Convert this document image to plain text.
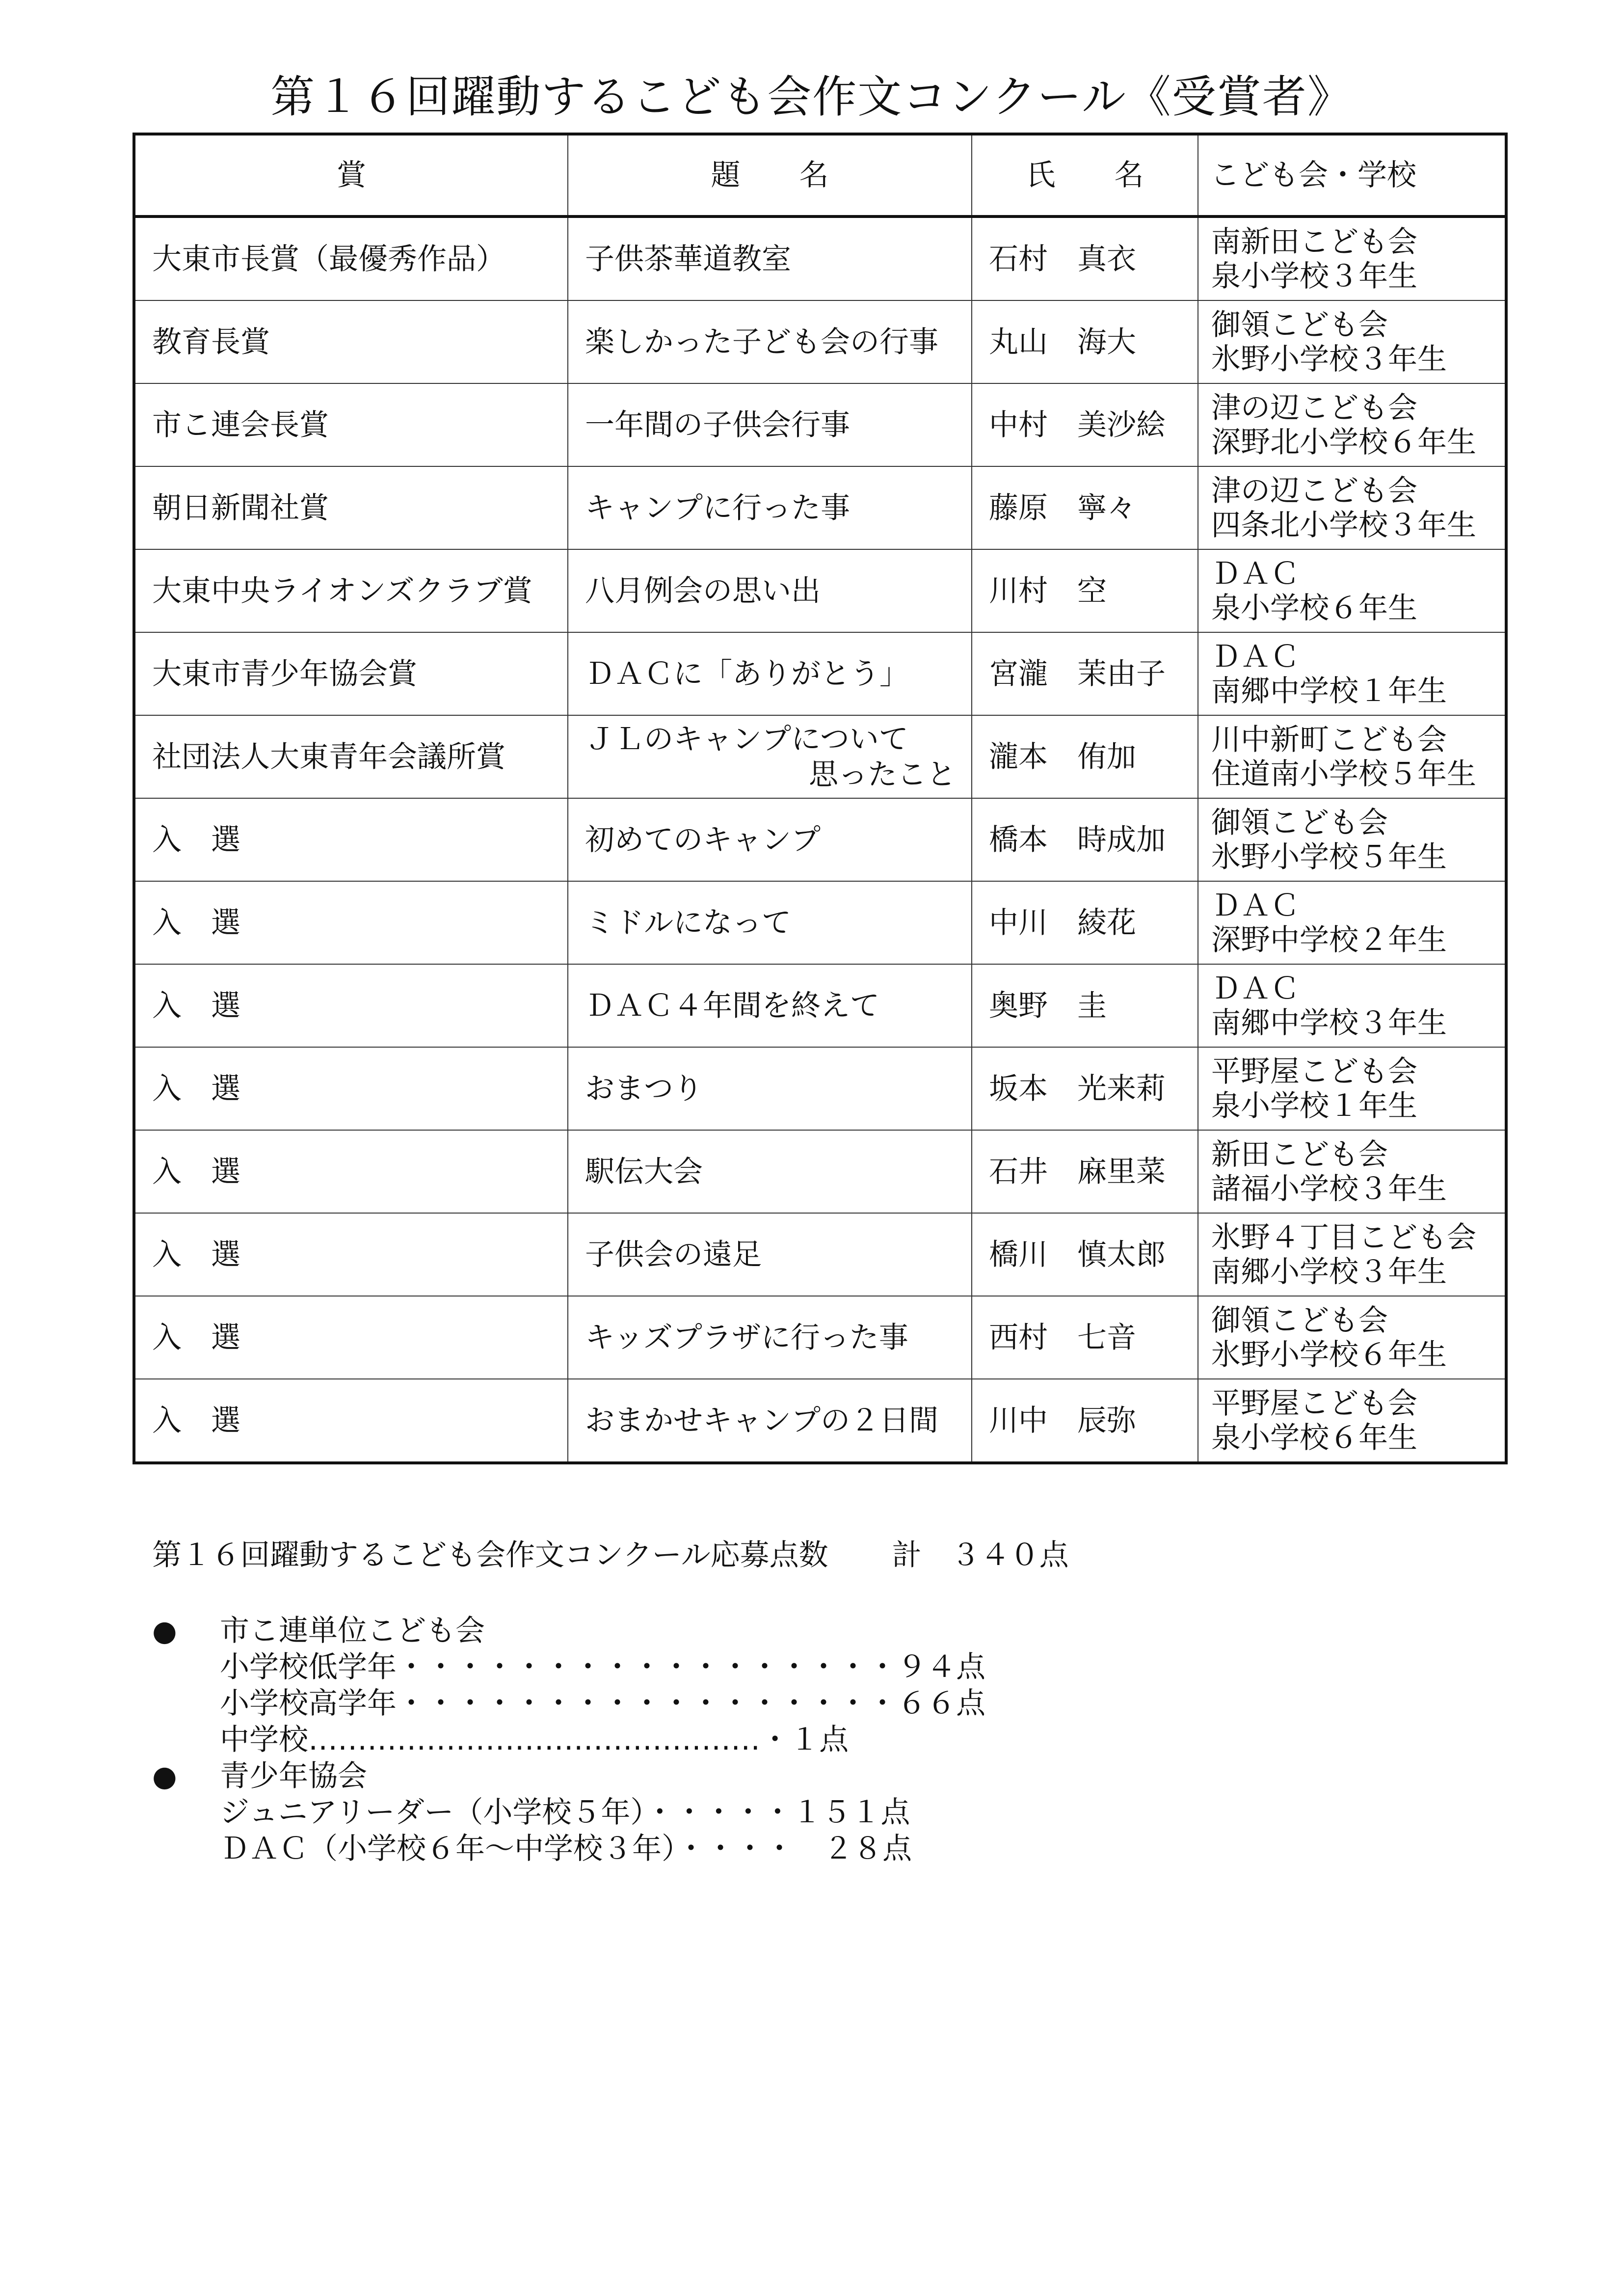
第１６回躍動するこども会作文コンクール《受賞者》
賞	題　　名	氏　　名	こども会・学校
大東市長賞（最優秀作品）	子供茶華道教室	石村　真衣	南新田こども会
泉小学校３年生

教育長賞	楽しかった子ども会の行事	丸山　海大	御領こども会
氷野小学校３年生

市こ連会長賞	一年間の子供会行事	中村　美沙絵	津の辺こども会
深野北小学校６年生

朝日新聞社賞	キャンプに行った事	藤原　寧々	津の辺こども会
四条北小学校３年生

大東中央ライオンズクラブ賞	八月例会の思い出	川村　空	ＤＡＣ
泉小学校６年生

大東市青少年協会賞	ＤＡＣに「ありがとう」	宮瀧　茉由子	ＤＡＣ
南郷中学校１年生

社団法人大東青年会議所賞	ＪＬのキャンプについて
思ったこと	瀧本　侑加	川中新町こども会
住道南小学校５年生

入　選	初めてのキャンプ	橋本　時成加	御領こども会
氷野小学校５年生

入　選	ミドルになって	中川　綾花	ＤＡＣ
深野中学校２年生

入　選	ＤＡＣ４年間を終えて	奥野　圭	ＤＡＣ
南郷中学校３年生

入　選	おまつり	坂本　光来莉	平野屋こども会
泉小学校１年生

入　選	駅伝大会	石井　麻里菜	新田こども会
諸福小学校３年生

入　選	子供会の遠足	橋川　慎太郎	氷野４丁目こども会
南郷小学校３年生

入　選	キッズプラザに行った事	西村　七音	御領こども会
氷野小学校６年生

入　選	おまかせキャンプの２日間	川中　辰弥	平野屋こども会
泉小学校６年生
第１６回躍動するこども会作文コンクール応募点数 計　３４０点
● 市こ連単位こども会
小学校低学年・・・・・・・・・・・・・・・・・９４点
小学校高学年・・・・・・・・・・・・・・・・・６６点
中学校‥‥‥‥‥‥‥‥‥‥‥‥‥‥‥‥‥‥‥‥‥‥‥・１点
● 青少年協会
ジュニアリーダー（小学校５年）・・・・・１５１点
ＤＡＣ（小学校６年〜中学校３年）・・・・　２８点
